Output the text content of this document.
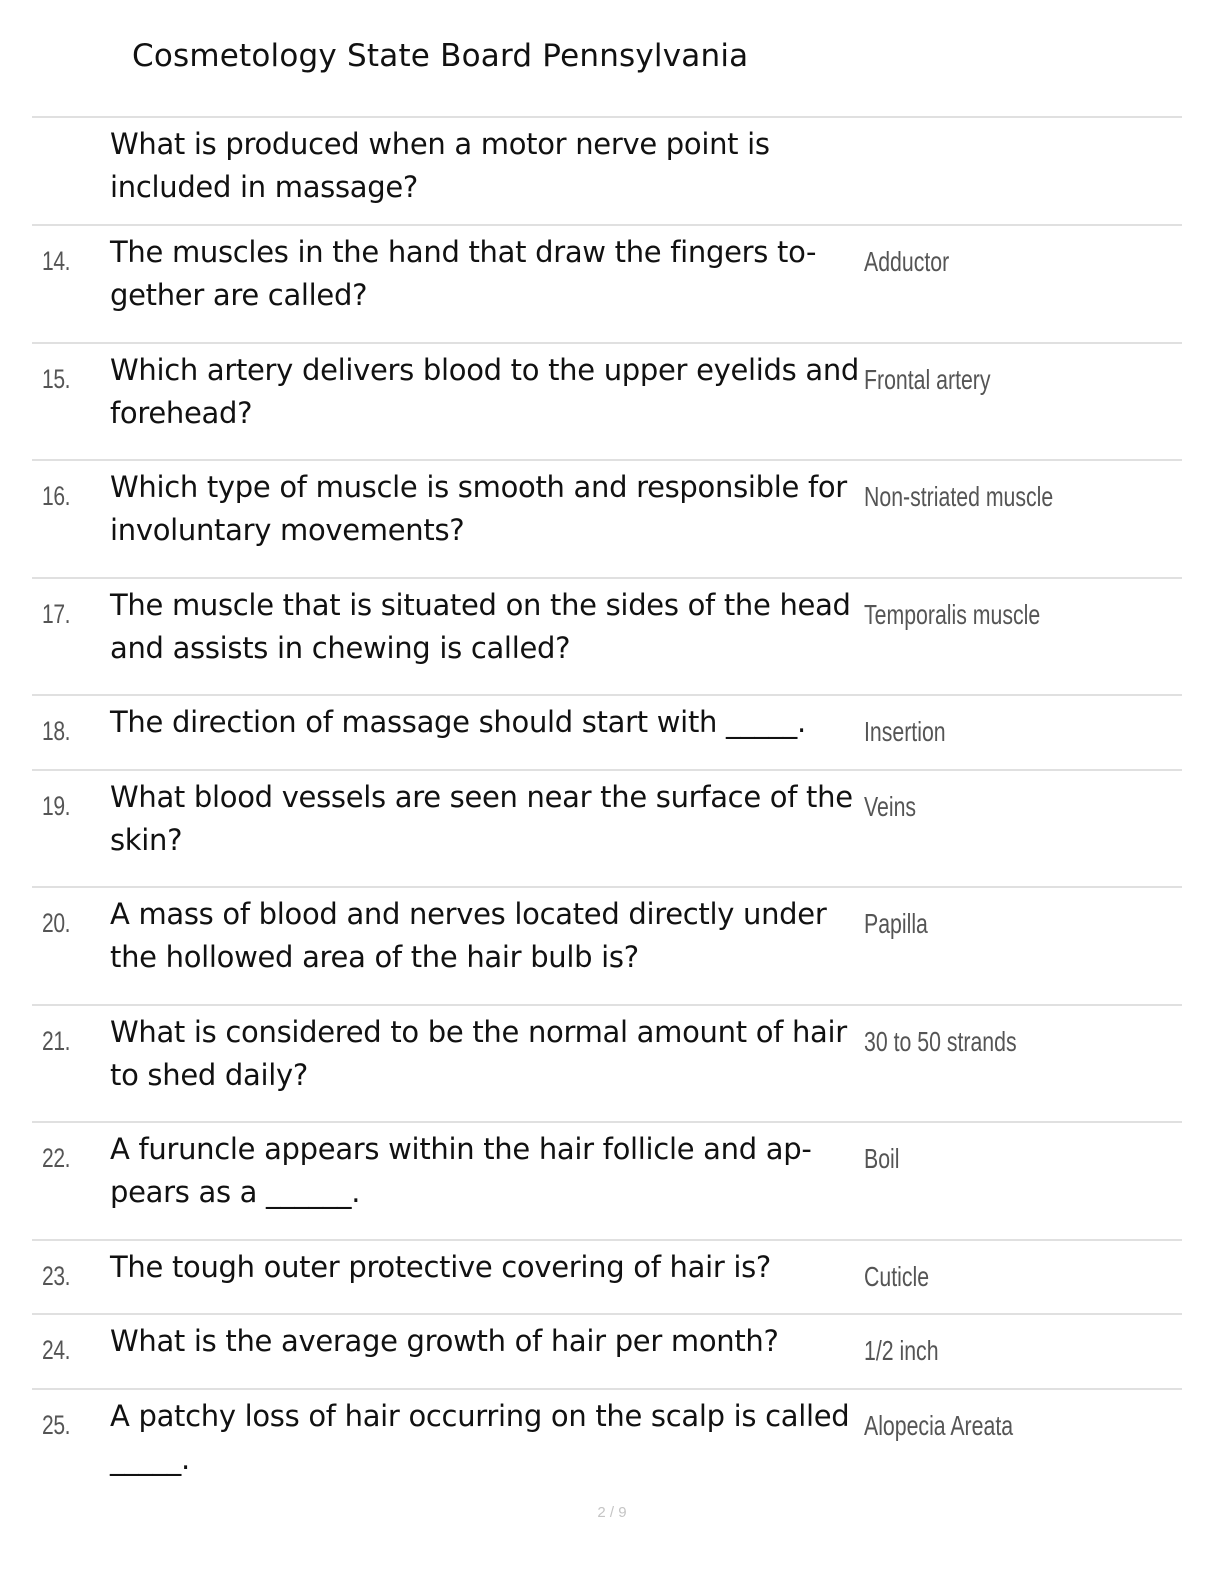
Cosmetology State Board Pennsylvania
What is produced when a motor nerve point is included in massage?
14. The muscles in the hand that draw the fingers to-gether are called?
Adductor
15. Which artery delivers blood to the upper eyelids and forehead?
Frontal artery
16. Which type of muscle is smooth and responsible for involuntary movements?
Non-striated muscle
17. The muscle that is situated on the sides of the head and assists in chewing is called?
Temporalis muscle
18. The direction of massage should start with _____.	Insertion
19. What blood vessels are seen near the surface of the skin?
Veins
20. A mass of blood and nerves located directly under the hollowed area of the hair bulb is?
Papilla
21. What is considered to be the normal amount of hair to shed daily?
30 to 50 strands
22. A furuncle appears within the hair follicle and ap-pears as a ______.
Boil
23. The tough outer protective covering of hair is?	Cuticle
24. What is the average growth of hair per month?	1/2 inch
25. A patchy loss of hair occurring on the scalp is called _____.
Alopecia Areata
2 / 9
